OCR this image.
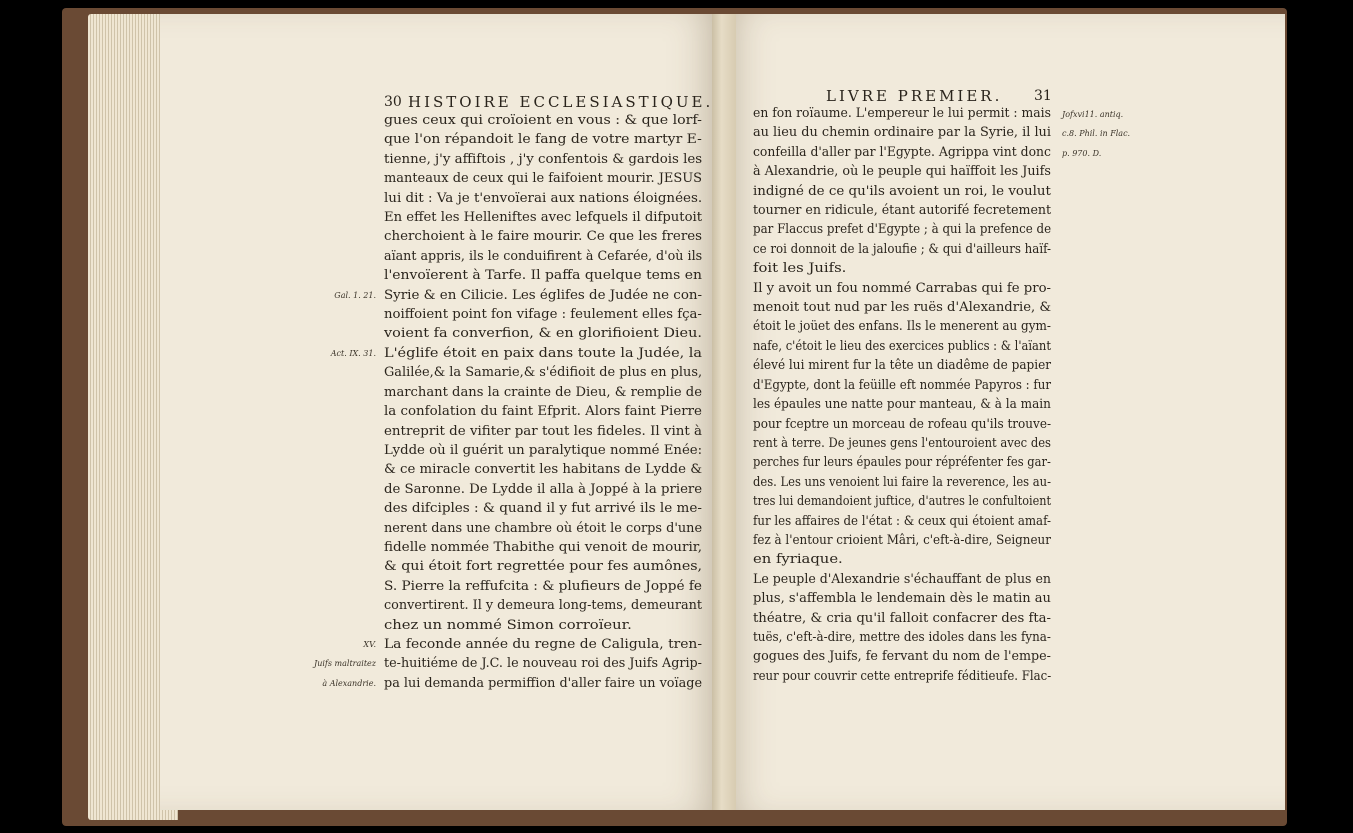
30 HISTOIRE ECCLESIASTIQUE.	LIVRE PREMIER. 31

gues ceux qui croïoient en vous : & que lorf-

que l'on répandoit le fang de votre martyr E-

tienne, j'y affiftois , j'y confentois & gardois les

manteaux de ceux qui le faifoient mourir. JESUS

lui dit : Va je t'envoïerai aux nations éloignées.

En effet les Helleniftes avec lefquels il difputoit

cherchoient à le faire mourir. Ce que les freres

aïant appris, ils le conduifirent à Cefarée, d'où ils

l'envoïerent à Tarfe. Il paffa quelque tems en

Syrie & en Cilicie. Les églifes de Judée ne con-

noiffoient point fon vifage : feulement elles fça-

voient fa converfion, & en glorifioient Dieu.

L'églife étoit en paix dans toute la Judée, la

Galilée,& la Samarie,& s'édifioit de plus en plus,

marchant dans la crainte de Dieu, & remplie de

la confolation du faint Efprit. Alors faint Pierre

entreprit de vifiter par tout les fideles. Il vint à

Lydde où il guérit un paralytique nommé Enée:

& ce miracle convertit les habitans de Lydde &

de Saronne. De Lydde il alla à Joppé à la priere

des difciples : & quand il y fut arrivé ils le me-

nerent dans une chambre où étoit le corps d'une

fidelle nommée Thabithe qui venoit de mourir,

& qui étoit fort regrettée pour fes aumônes,

S. Pierre la reffufcita : & plufieurs de Joppé fe

convertirent. Il y demeura long-tems, demeurant

chez un nommé Simon corroïeur.

La feconde année du regne de Caligula, tren-

te-huitiéme de J.C. le nouveau roi des Juifs Agrip-

pa lui demanda permiffion d'aller faire un voïage

Gal. 1. 21.
Act. IX. 31.
XV.
Juifs maltraitez
à Alexandrie.

en fon roïaume. L'empereur le lui permit : mais

au lieu du chemin ordinaire par la Syrie, il lui

confeilla d'aller par l'Egypte. Agrippa vint donc

à Alexandrie, où le peuple qui haïffoit les Juifs

indigné de ce qu'ils avoient un roi, le voulut

tourner en ridicule, étant autorifé fecretement

par Flaccus prefet d'Egypte ; à qui la prefence de

ce roi donnoit de la jaloufie ; & qui d'ailleurs haïf-

foit les Juifs.

Il y avoit un fou nommé Carrabas qui fe pro-

menoit tout nud par les ruës d'Alexandrie, &

étoit le joüet des enfans. Ils le menerent au gym-

nafe, c'étoit le lieu des exercices publics : & l'aïant

élevé lui mirent fur la tête un diadême de papier

d'Egypte, dont la feüille eft nommée Papyros : fur

les épaules une natte pour manteau, & à la main

pour fceptre un morceau de rofeau qu'ils trouve-

rent à terre. De jeunes gens l'entouroient avec des

perches fur leurs épaules pour répréfenter fes gar-

des. Les uns venoient lui faire la reverence, les au-

tres lui demandoient juftice, d'autres le confultoient

fur les affaires de l'état : & ceux qui étoient amaf-

fez à l'entour crioient Mâri, c'eft-à-dire, Seigneur

en fyriaque.

Le peuple d'Alexandrie s'échauffant de plus en

plus, s'affembla le lendemain dès le matin au

théatre, & cria qu'il falloit confacrer des fta-

tuës, c'eft-à-dire, mettre des idoles dans les fyna-

gogues des Juifs, fe fervant du nom de l'empe-

reur pour couvrir cette entreprife féditieufe. Flac-

Jofxvi11. antiq.
c.8. Phil. in Flac.
p. 970. D.
